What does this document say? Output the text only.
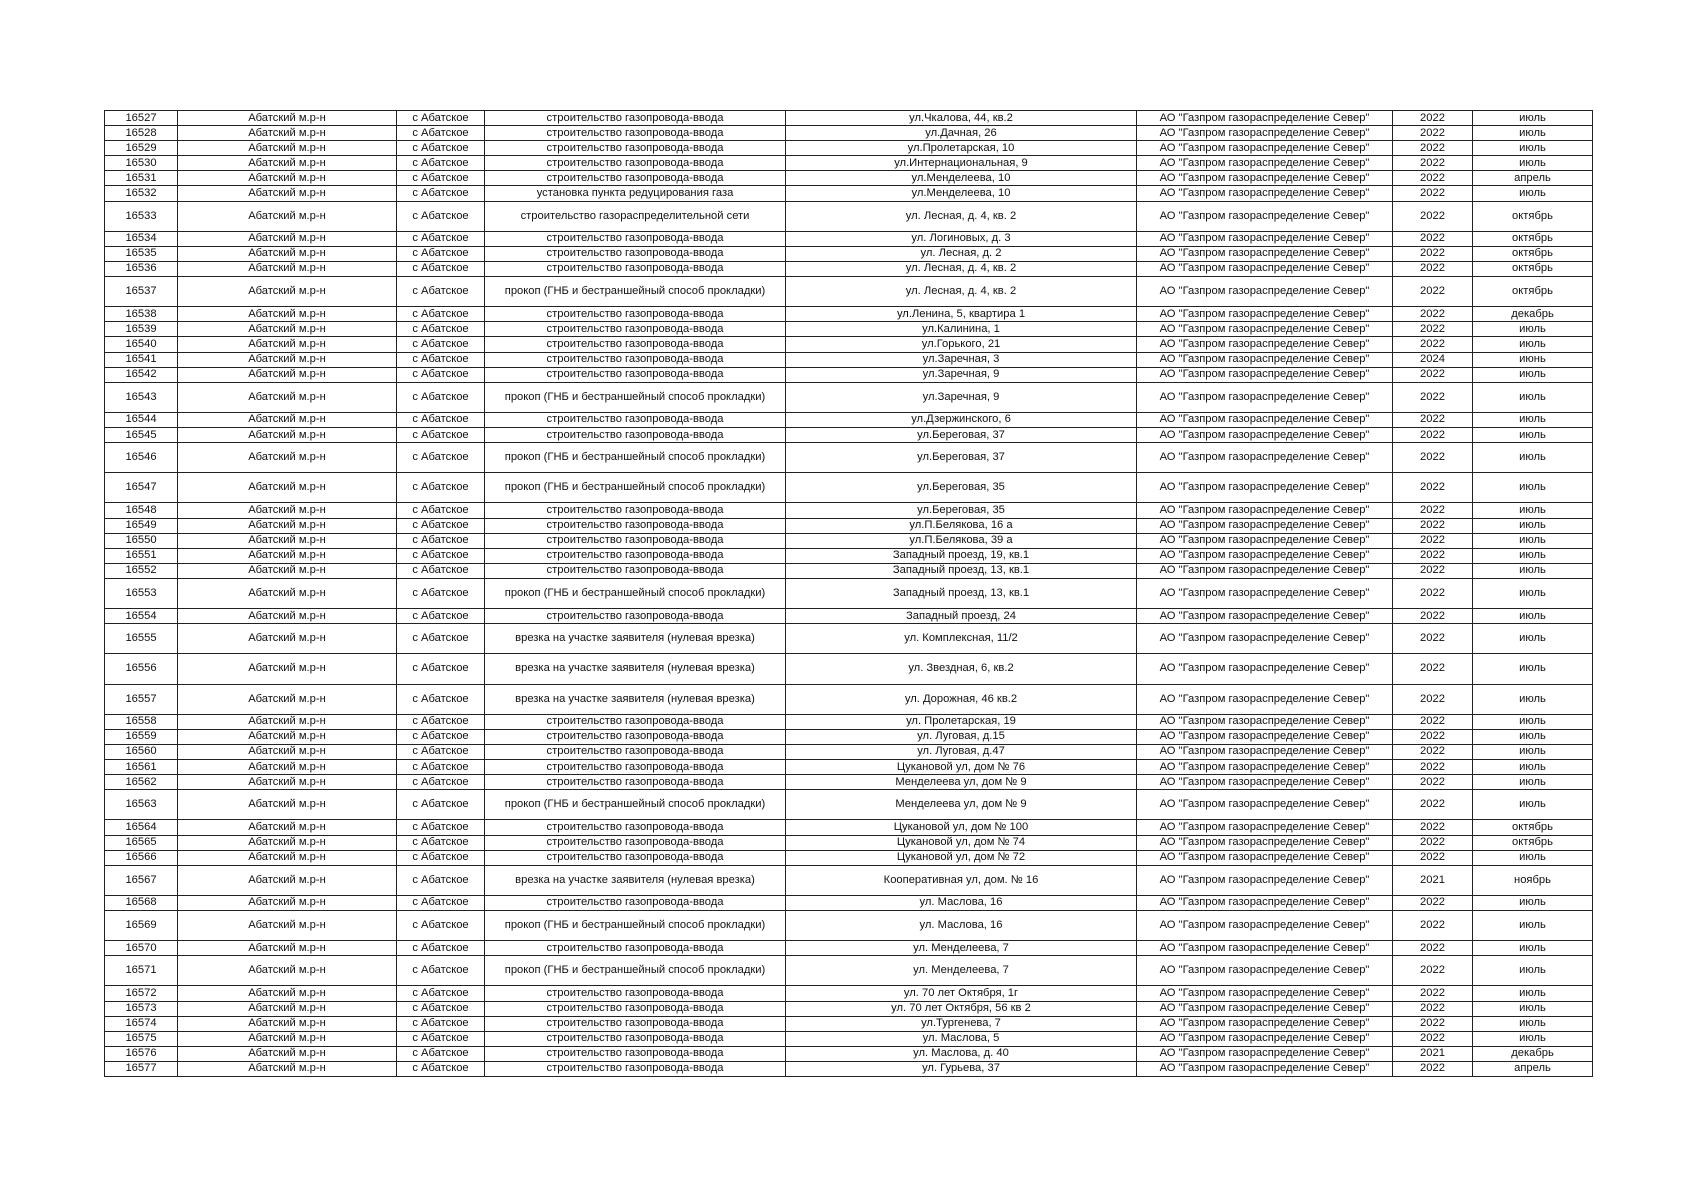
16527	Абатский м.р-н	с Абатское	строительство газопровода-ввода	ул.Чкалова, 44, кв.2	АО "Газпром газораспределение Север"	2022	июль
16528	Абатский м.р-н	с Абатское	строительство газопровода-ввода	ул.Дачная, 26	АО "Газпром газораспределение Север"	2022	июль
16529	Абатский м.р-н	с Абатское	строительство газопровода-ввода	ул.Пролетарская, 10	АО "Газпром газораспределение Север"	2022	июль
16530	Абатский м.р-н	с Абатское	строительство газопровода-ввода	ул.Интернациональная, 9	АО "Газпром газораспределение Север"	2022	июль
16531	Абатский м.р-н	с Абатское	строительство газопровода-ввода	ул.Менделеева, 10	АО "Газпром газораспределение Север"	2022	апрель
16532	Абатский м.р-н	с Абатское	установка пункта редуцирования газа	ул.Менделеева, 10	АО "Газпром газораспределение Север"	2022	июль
16533	Абатский м.р-н	с Абатское	строительство газораспределительной сети	ул. Лесная, д. 4, кв. 2	АО "Газпром газораспределение Север"	2022	октябрь
16534	Абатский м.р-н	с Абатское	строительство газопровода-ввода	ул. Логиновых, д. 3	АО "Газпром газораспределение Север"	2022	октябрь
16535	Абатский м.р-н	с Абатское	строительство газопровода-ввода	ул. Лесная, д. 2	АО "Газпром газораспределение Север"	2022	октябрь
16536	Абатский м.р-н	с Абатское	строительство газопровода-ввода	ул. Лесная, д. 4, кв. 2	АО "Газпром газораспределение Север"	2022	октябрь
16537	Абатский м.р-н	с Абатское	прокоп (ГНБ и бестраншейный способ прокладки)	ул. Лесная, д. 4, кв. 2	АО "Газпром газораспределение Север"	2022	октябрь
16538	Абатский м.р-н	с Абатское	строительство газопровода-ввода	ул.Ленина, 5, квартира 1	АО "Газпром газораспределение Север"	2022	декабрь
16539	Абатский м.р-н	с Абатское	строительство газопровода-ввода	ул.Калинина, 1	АО "Газпром газораспределение Север"	2022	июль
16540	Абатский м.р-н	с Абатское	строительство газопровода-ввода	ул.Горького, 21	АО "Газпром газораспределение Север"	2022	июль
16541	Абатский м.р-н	с Абатское	строительство газопровода-ввода	ул.Заречная, 3	АО "Газпром газораспределение Север"	2024	июнь
16542	Абатский м.р-н	с Абатское	строительство газопровода-ввода	ул.Заречная, 9	АО "Газпром газораспределение Север"	2022	июль
16543	Абатский м.р-н	с Абатское	прокоп (ГНБ и бестраншейный способ прокладки)	ул.Заречная, 9	АО "Газпром газораспределение Север"	2022	июль
16544	Абатский м.р-н	с Абатское	строительство газопровода-ввода	ул.Дзержинского, 6	АО "Газпром газораспределение Север"	2022	июль
16545	Абатский м.р-н	с Абатское	строительство газопровода-ввода	ул.Береговая, 37	АО "Газпром газораспределение Север"	2022	июль
16546	Абатский м.р-н	с Абатское	прокоп (ГНБ и бестраншейный способ прокладки)	ул.Береговая, 37	АО "Газпром газораспределение Север"	2022	июль
16547	Абатский м.р-н	с Абатское	прокоп (ГНБ и бестраншейный способ прокладки)	ул.Береговая, 35	АО "Газпром газораспределение Север"	2022	июль
16548	Абатский м.р-н	с Абатское	строительство газопровода-ввода	ул.Береговая, 35	АО "Газпром газораспределение Север"	2022	июль
16549	Абатский м.р-н	с Абатское	строительство газопровода-ввода	ул.П.Белякова, 16 а	АО "Газпром газораспределение Север"	2022	июль
16550	Абатский м.р-н	с Абатское	строительство газопровода-ввода	ул.П.Белякова, 39 а	АО "Газпром газораспределение Север"	2022	июль
16551	Абатский м.р-н	с Абатское	строительство газопровода-ввода	Западный проезд, 19, кв.1	АО "Газпром газораспределение Север"	2022	июль
16552	Абатский м.р-н	с Абатское	строительство газопровода-ввода	Западный проезд, 13, кв.1	АО "Газпром газораспределение Север"	2022	июль
16553	Абатский м.р-н	с Абатское	прокоп (ГНБ и бестраншейный способ прокладки)	Западный проезд, 13, кв.1	АО "Газпром газораспределение Север"	2022	июль
16554	Абатский м.р-н	с Абатское	строительство газопровода-ввода	Западный проезд, 24	АО "Газпром газораспределение Север"	2022	июль
16555	Абатский м.р-н	с Абатское	врезка на участке заявителя (нулевая врезка)	ул. Комплексная, 11/2	АО "Газпром газораспределение Север"	2022	июль
16556	Абатский м.р-н	с Абатское	врезка на участке заявителя (нулевая врезка)	ул. Звездная, 6, кв.2	АО "Газпром газораспределение Север"	2022	июль
16557	Абатский м.р-н	с Абатское	врезка на участке заявителя (нулевая врезка)	ул. Дорожная, 46 кв.2	АО "Газпром газораспределение Север"	2022	июль
16558	Абатский м.р-н	с Абатское	строительство газопровода-ввода	ул. Пролетарская, 19	АО "Газпром газораспределение Север"	2022	июль
16559	Абатский м.р-н	с Абатское	строительство газопровода-ввода	ул. Луговая, д.15	АО "Газпром газораспределение Север"	2022	июль
16560	Абатский м.р-н	с Абатское	строительство газопровода-ввода	ул. Луговая, д.47	АО "Газпром газораспределение Север"	2022	июль
16561	Абатский м.р-н	с Абатское	строительство газопровода-ввода	Цукановой ул, дом № 76	АО "Газпром газораспределение Север"	2022	июль
16562	Абатский м.р-н	с Абатское	строительство газопровода-ввода	Менделеева ул, дом № 9	АО "Газпром газораспределение Север"	2022	июль
16563	Абатский м.р-н	с Абатское	прокоп (ГНБ и бестраншейный способ прокладки)	Менделеева ул, дом № 9	АО "Газпром газораспределение Север"	2022	июль
16564	Абатский м.р-н	с Абатское	строительство газопровода-ввода	Цукановой ул, дом № 100	АО "Газпром газораспределение Север"	2022	октябрь
16565	Абатский м.р-н	с Абатское	строительство газопровода-ввода	Цукановой ул, дом № 74	АО "Газпром газораспределение Север"	2022	октябрь
16566	Абатский м.р-н	с Абатское	строительство газопровода-ввода	Цукановой ул, дом № 72	АО "Газпром газораспределение Север"	2022	июль
16567	Абатский м.р-н	с Абатское	врезка на участке заявителя (нулевая врезка)	Кооперативная ул, дом. № 16	АО "Газпром газораспределение Север"	2021	ноябрь
16568	Абатский м.р-н	с Абатское	строительство газопровода-ввода	ул. Маслова, 16	АО "Газпром газораспределение Север"	2022	июль
16569	Абатский м.р-н	с Абатское	прокоп (ГНБ и бестраншейный способ прокладки)	ул. Маслова, 16	АО "Газпром газораспределение Север"	2022	июль
16570	Абатский м.р-н	с Абатское	строительство газопровода-ввода	ул. Менделеева, 7	АО "Газпром газораспределение Север"	2022	июль
16571	Абатский м.р-н	с Абатское	прокоп (ГНБ и бестраншейный способ прокладки)	ул. Менделеева, 7	АО "Газпром газораспределение Север"	2022	июль
16572	Абатский м.р-н	с Абатское	строительство газопровода-ввода	ул. 70 лет Октября, 1г	АО "Газпром газораспределение Север"	2022	июль
16573	Абатский м.р-н	с Абатское	строительство газопровода-ввода	ул. 70 лет Октября, 56 кв 2	АО "Газпром газораспределение Север"	2022	июль
16574	Абатский м.р-н	с Абатское	строительство газопровода-ввода	ул.Тургенева, 7	АО "Газпром газораспределение Север"	2022	июль
16575	Абатский м.р-н	с Абатское	строительство газопровода-ввода	ул. Маслова, 5	АО "Газпром газораспределение Север"	2022	июль
16576	Абатский м.р-н	с Абатское	строительство газопровода-ввода	ул. Маслова, д. 40	АО "Газпром газораспределение Север"	2021	декабрь
16577	Абатский м.р-н	с Абатское	строительство газопровода-ввода	ул. Гурьева, 37	АО "Газпром газораспределение Север"	2022	апрель
